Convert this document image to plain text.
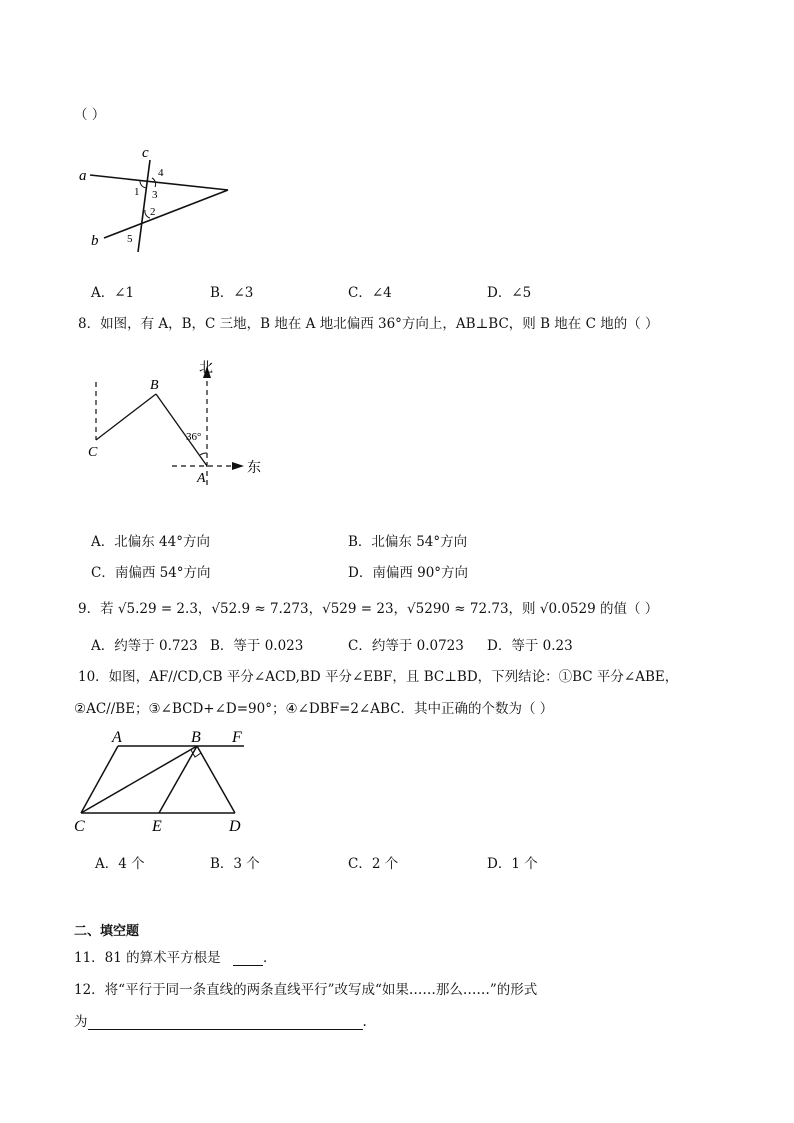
（ ）
c
a
b
4
1 3
2
5
A．∠1	B．∠3	C．∠4	D．∠5
8．如图，有 A，B，C 三地，B 地在 A 地北偏西 36°方向上，AB⊥BC，则 B 地在 C 地的（ ）
北
东
B
C
A
36°
A．北偏东 44°方向	B．北偏东 54°方向
C．南偏西 54°方向	D．南偏西 90°方向
9．若 √5.29 = 2.3，√52.9 ≈ 7.273，√529 = 23，√5290 ≈ 72.73，则 √0.0529 的值（ ）
A．约等于 0.723 B．等于 0.023	C．约等于 0.0723 D．等于 0.23
10．如图，AF//CD,CB 平分∠ACD,BD 平分∠EBF，且 BC⊥BD，下列结论：①BC 平分∠ABE，
②AC//BE；③∠BCD+∠D=90°；④∠DBF=2∠ABC．其中正确的个数为（ ）
A	B F
C	E	D
A．4 个	B．3 个	C．2 个	D．1 个
二、填空题
11．81 的算术平方根是	．
12．将“平行于同一条直线的两条直线平行”改写成“如果……那么……”的形式
为	.
